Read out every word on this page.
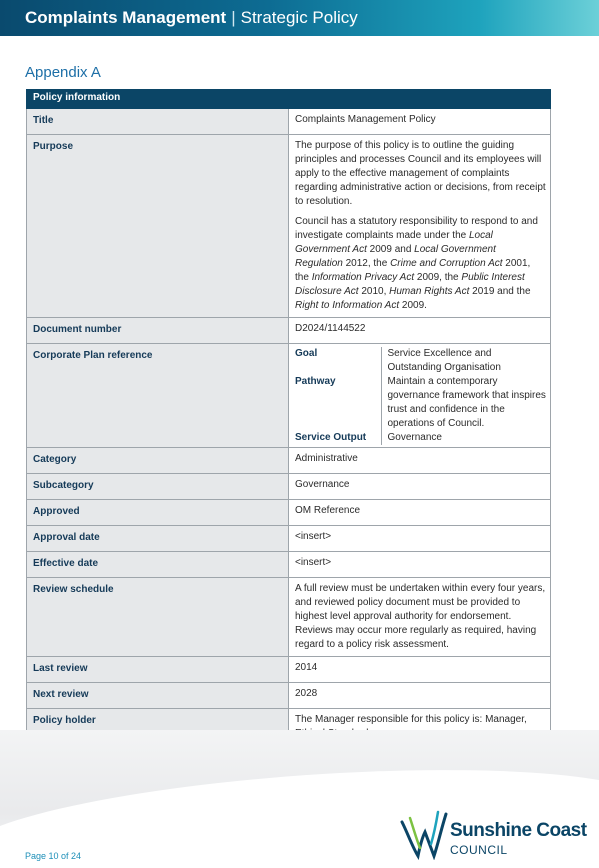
Complaints Management | Strategic Policy
Appendix A
Policy information
Title	Complaints Management Policy
Purpose	The purpose of this policy is to outline the guiding principles and processes Council and its employees will apply to the effective management of complaints regarding administrative action or decisions, from receipt to resolution.

Council has a statutory responsibility to respond to and investigate complaints made under the Local Government Act 2009 and Local Government Regulation 2012, the Crime and Corruption Act 2001, the Information Privacy Act 2009, the Public Interest Disclosure Act 2010, Human Rights Act 2019 and the Right to Information Act 2009.

Document number	D2024/1144522
Corporate Plan reference		Goal	Service Excellence and Outstanding Organisation
Pathway	Maintain a contemporary governance framework that inspires trust and confidence in the operations of Council.
Service Output	Governance

Category	Administrative
Subcategory	Governance
Approved	OM Reference
Approval date	<insert>
Effective date	<insert>
Review schedule	A full review must be undertaken within every four years, and reviewed policy document must be provided to highest level approval authority for endorsement. Reviews may occur more regularly as required, having regard to a policy risk assessment.
Last review	2014
Next review	2028
Policy holder	The Manager responsible for this policy is: Manager,

Page 10 of 24
Sunshine Coast
COUNCIL
